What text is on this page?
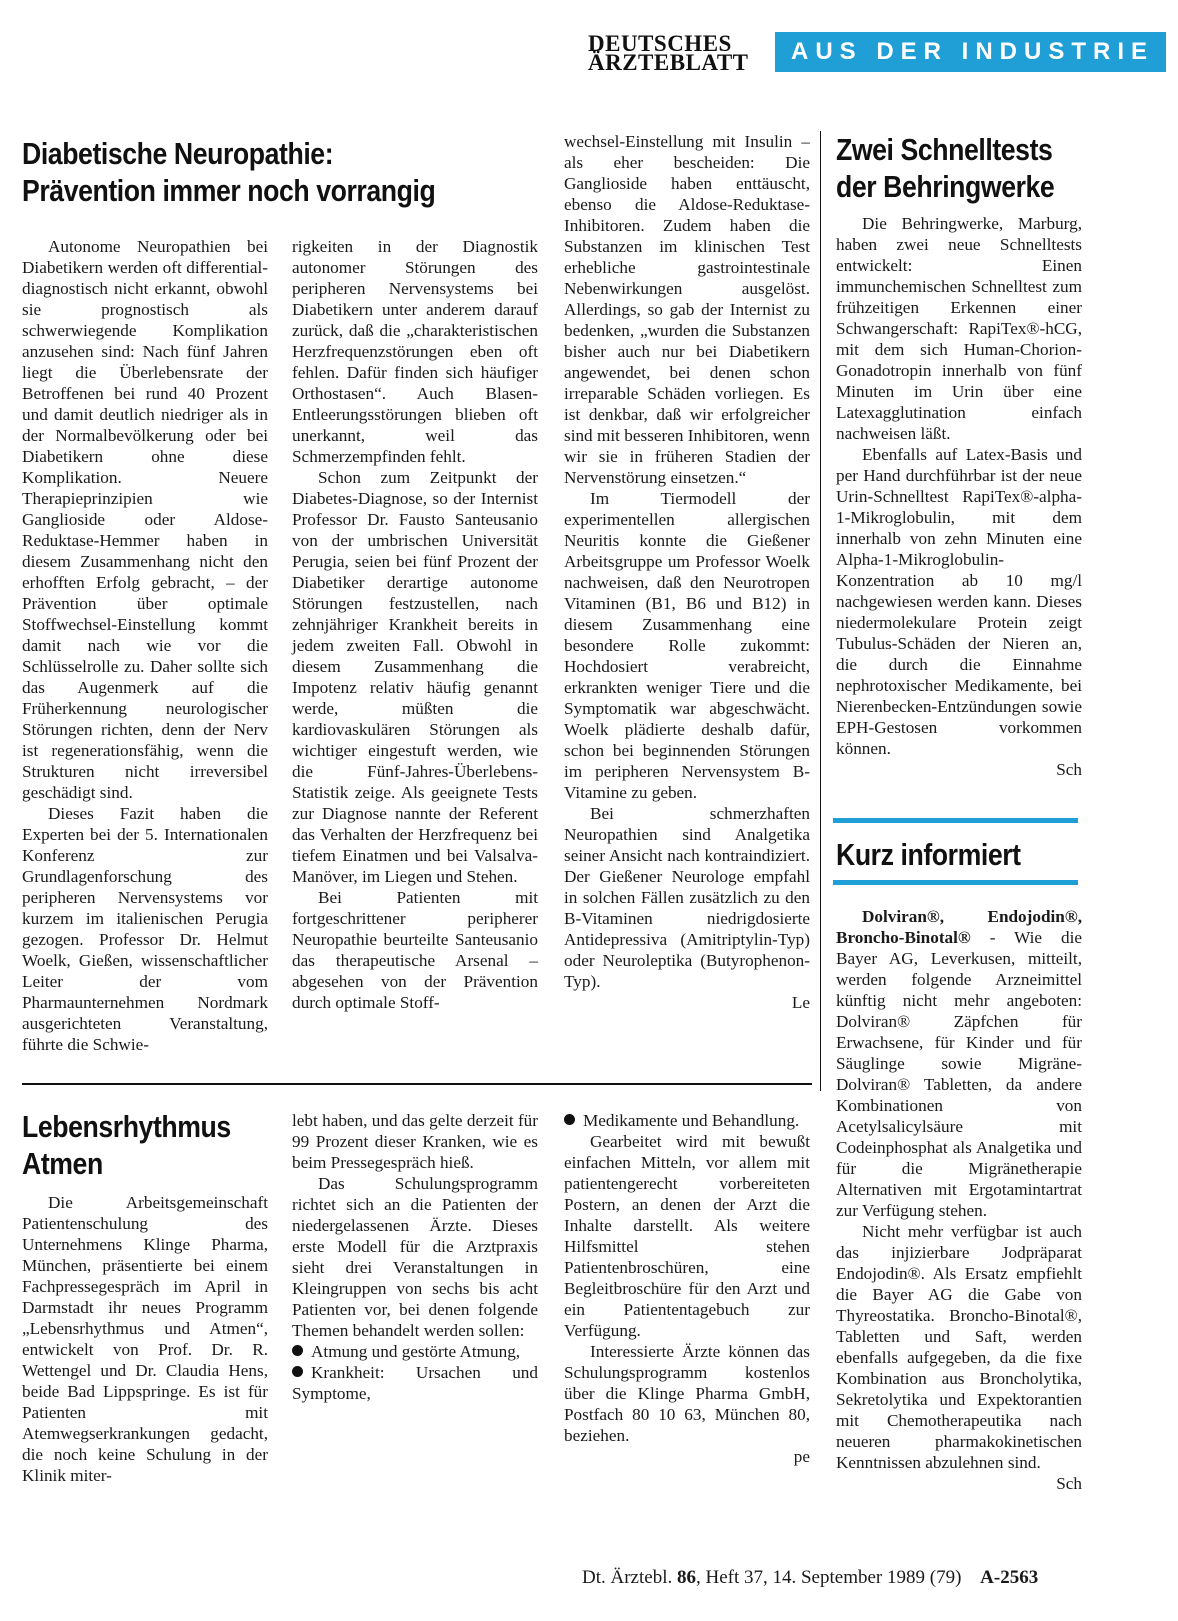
DEUTSCHES
ÄRZTEBLATT	AUS DER INDUSTRIE
Diabetische Neuropathie:
Prävention immer noch vorrangig

Autonome Neuropathien bei Diabetikern werden oft differential-diagnostisch nicht erkannt, obwohl sie prognostisch als schwerwiegende Komplikation anzusehen sind: Nach fünf Jahren liegt die Überlebensrate der Betroffenen bei rund 40 Prozent und damit deutlich niedriger als in der Normalbevölkerung oder bei Diabetikern ohne diese Komplikation. Neuere Therapieprinzipien wie Ganglioside oder Aldose-Reduktase-Hemmer haben in diesem Zusammenhang nicht den erhofften Erfolg gebracht, – der Prävention über optimale Stoffwechsel-Einstellung kommt damit nach wie vor die Schlüsselrolle zu. Daher sollte sich das Augenmerk auf die Früherkennung neurologischer Störungen richten, denn der Nerv ist regenerationsfähig, wenn die Strukturen nicht irreversibel geschädigt sind.

Dieses Fazit haben die Experten bei der 5. Internationalen Konferenz zur Grundlagenforschung des peripheren Nervensystems vor kurzem im italienischen Perugia gezogen. Professor Dr. Helmut Woelk, Gießen, wissenschaftlicher Leiter der vom Pharmaunternehmen Nordmark ausgerichteten Veranstaltung, führte die Schwie-

rigkeiten in der Diagnostik autonomer Störungen des peripheren Nervensystems bei Diabetikern unter anderem darauf zurück, daß die „charakteristischen Herzfrequenzstörungen eben oft fehlen. Dafür finden sich häufiger Orthostasen“. Auch Blasen-Entleerungsstörungen blieben oft unerkannt, weil das Schmerzempfinden fehlt.

Schon zum Zeitpunkt der Diabetes-Diagnose, so der Internist Professor Dr. Fausto Santeusanio von der umbrischen Universität Perugia, seien bei fünf Prozent der Diabetiker derartige autonome Störungen festzustellen, nach zehnjähriger Krankheit bereits in jedem zweiten Fall. Obwohl in diesem Zusammenhang die Impotenz relativ häufig genannt werde, müßten die kardiovaskulären Störungen als wichtiger eingestuft werden, wie die Fünf-Jahres-Überlebens-Statistik zeige. Als geeignete Tests zur Diagnose nannte der Referent das Verhalten der Herzfrequenz bei tiefem Einatmen und bei Valsalva-Manöver, im Liegen und Stehen.

Bei Patienten mit fortgeschrittener peripherer Neuropathie beurteilte Santeusanio das therapeutische Arsenal – abgesehen von der Prävention durch optimale Stoff-

wechsel-Einstellung mit Insulin – als eher bescheiden: Die Ganglioside haben enttäuscht, ebenso die Aldose-Reduktase-Inhibitoren. Zudem haben die Substanzen im klinischen Test erhebliche gastrointestinale Nebenwirkungen ausgelöst. Allerdings, so gab der Internist zu bedenken, „wurden die Substanzen bisher auch nur bei Diabetikern angewendet, bei denen schon irreparable Schäden vorliegen. Es ist denkbar, daß wir erfolgreicher sind mit besseren Inhibitoren, wenn wir sie in früheren Stadien der Nervenstörung einsetzen.“

Im Tiermodell der experimentellen allergischen Neuritis konnte die Gießener Arbeitsgruppe um Professor Woelk nachweisen, daß den Neurotropen Vitaminen (B1, B6 und B12) in diesem Zusammenhang eine besondere Rolle zukommt: Hochdosiert verabreicht, erkrankten weniger Tiere und die Symptomatik war abgeschwächt. Woelk plädierte deshalb dafür, schon bei beginnenden Störungen im peripheren Nervensystem B-Vitamine zu geben.

Bei schmerzhaften Neuropathien sind Analgetika seiner Ansicht nach kontraindiziert. Der Gießener Neurologe empfahl in solchen Fällen zusätzlich zu den B-Vitaminen niedrigdosierte Antidepressiva (Amitriptylin-Typ) oder Neuroleptika (Butyrophenon-Typ).

Le

Zwei Schnelltests
der Behringwerke

Die Behringwerke, Marburg, haben zwei neue Schnelltests entwickelt: Einen immunchemischen Schnelltest zum frühzeitigen Erkennen einer Schwangerschaft: RapiTex®-hCG, mit dem sich Human-Chorion-Gonadotropin innerhalb von fünf Minuten im Urin über eine Latexagglutination einfach nachweisen läßt.

Ebenfalls auf Latex-Basis und per Hand durchführbar ist der neue Urin-Schnelltest RapiTex®-alpha-1-Mikroglobulin, mit dem innerhalb von zehn Minuten eine Alpha-1-Mikroglobulin-Konzentration ab 10 mg/l nachgewiesen werden kann. Dieses niedermolekulare Protein zeigt Tubulus-Schäden der Nieren an, die durch die Einnahme nephrotoxischer Medikamente, bei Nierenbecken-Entzündungen sowie EPH-Gestosen vorkommen können.

Sch

Kurz informiert

Dolviran®, Endojodin®, Broncho-Binotal® - Wie die Bayer AG, Leverkusen, mitteilt, werden folgende Arzneimittel künftig nicht mehr angeboten: Dolviran® Zäpfchen für Erwachsene, für Kinder und für Säuglinge sowie Migräne-Dolviran® Tabletten, da andere Kombinationen von Acetylsalicylsäure mit Codeinphosphat als Analgetika und für die Migränetherapie Alternativen mit Ergotamintartrat zur Verfügung stehen.

Nicht mehr verfügbar ist auch das injizierbare Jodpräparat Endojodin®. Als Ersatz empfiehlt die Bayer AG die Gabe von Thyreostatika. Broncho-Binotal®, Tabletten und Saft, werden ebenfalls aufgegeben, da die fixe Kombination aus Broncholytika, Sekretolytika und Expektorantien mit Chemotherapeutika nach neueren pharmakokinetischen Kenntnissen abzulehnen sind.

Sch

Lebensrhythmus
Atmen

Die Arbeitsgemeinschaft Patientenschulung des Unternehmens Klinge Pharma, München, präsentierte bei einem Fachpressegespräch im April in Darmstadt ihr neues Programm „Lebensrhythmus und Atmen“, entwickelt von Prof. Dr. R. Wettengel und Dr. Claudia Hens, beide Bad Lippspringe. Es ist für Patienten mit Atemwegserkrankungen gedacht, die noch keine Schulung in der Klinik miter-

lebt haben, und das gelte derzeit für 99 Prozent dieser Kranken, wie es beim Pressegespräch hieß.

Das Schulungsprogramm richtet sich an die Patienten der niedergelassenen Ärzte. Dieses erste Modell für die Arztpraxis sieht drei Veranstaltungen in Kleingruppen von sechs bis acht Patienten vor, bei denen folgende Themen behandelt werden sollen:

Atmung und gestörte Atmung,

Krankheit: Ursachen und Symptome,

Medikamente und Behandlung.

Gearbeitet wird mit bewußt einfachen Mitteln, vor allem mit patientengerecht vorbereiteten Postern, an denen der Arzt die Inhalte darstellt. Als weitere Hilfsmittel stehen Patientenbroschüren, eine Begleitbroschüre für den Arzt und ein Patiententagebuch zur Verfügung.

Interessierte Ärzte können das Schulungsprogramm kostenlos über die Klinge Pharma GmbH, Postfach 80 10 63, München 80, beziehen.

pe

Dt. Ärztebl. 86, Heft 37, 14. September 1989 (79) A-2563
